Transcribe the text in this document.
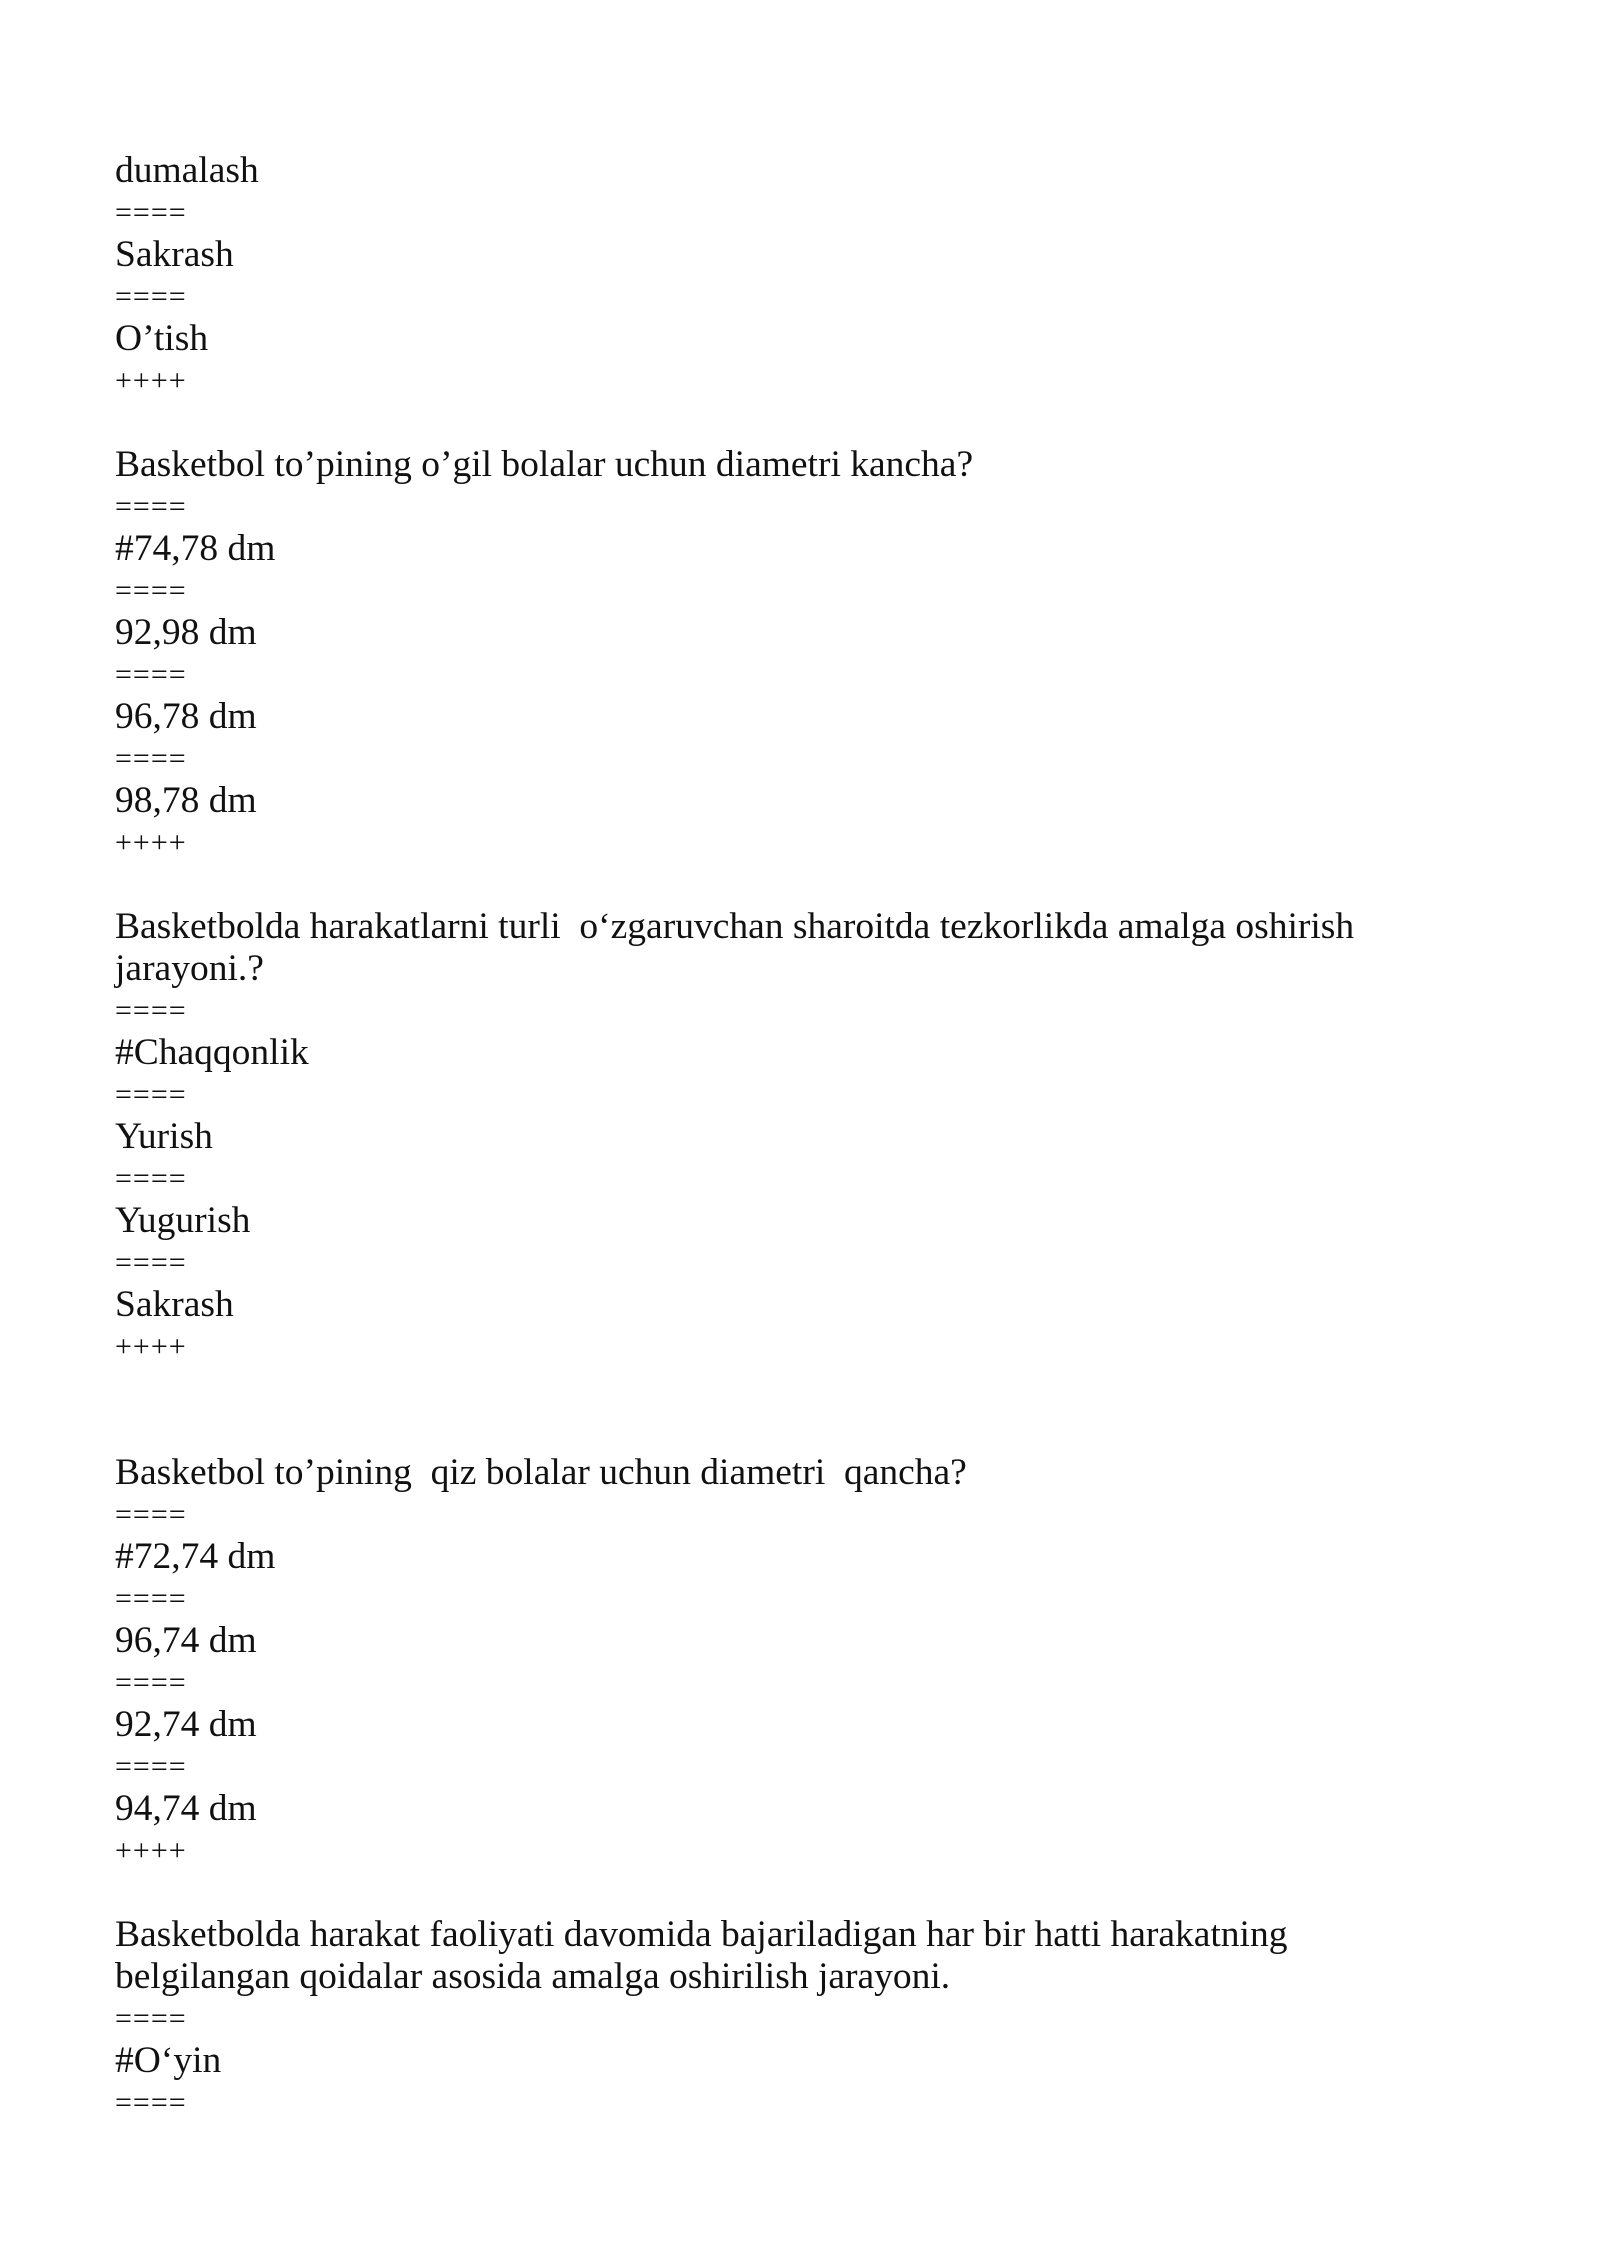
dumalash
====
Sakrash
====
O’tish
++++
Basketbol to’pining o’gil bolalar uchun diametri kancha?
====
#74,78 dm
====
92,98 dm
====
96,78 dm
====
98,78 dm
++++
Basketbolda harakatlarni turli  o‘zgaruvchan sharoitda tezkorlikda amalga oshirish
jarayoni.?
====
#Chaqqonlik
====
Yurish
====
Yugurish
====
Sakrash
++++
Basketbol to’pining  qiz bolalar uchun diametri  qancha?
====
#72,74 dm
====
96,74 dm
====
92,74 dm
====
94,74 dm
++++
Basketbolda harakat faoliyati davomida bajariladigan har bir hatti harakatning
belgilangan qoidalar asosida amalga oshirilish jarayoni.
====
#O‘yin
====
